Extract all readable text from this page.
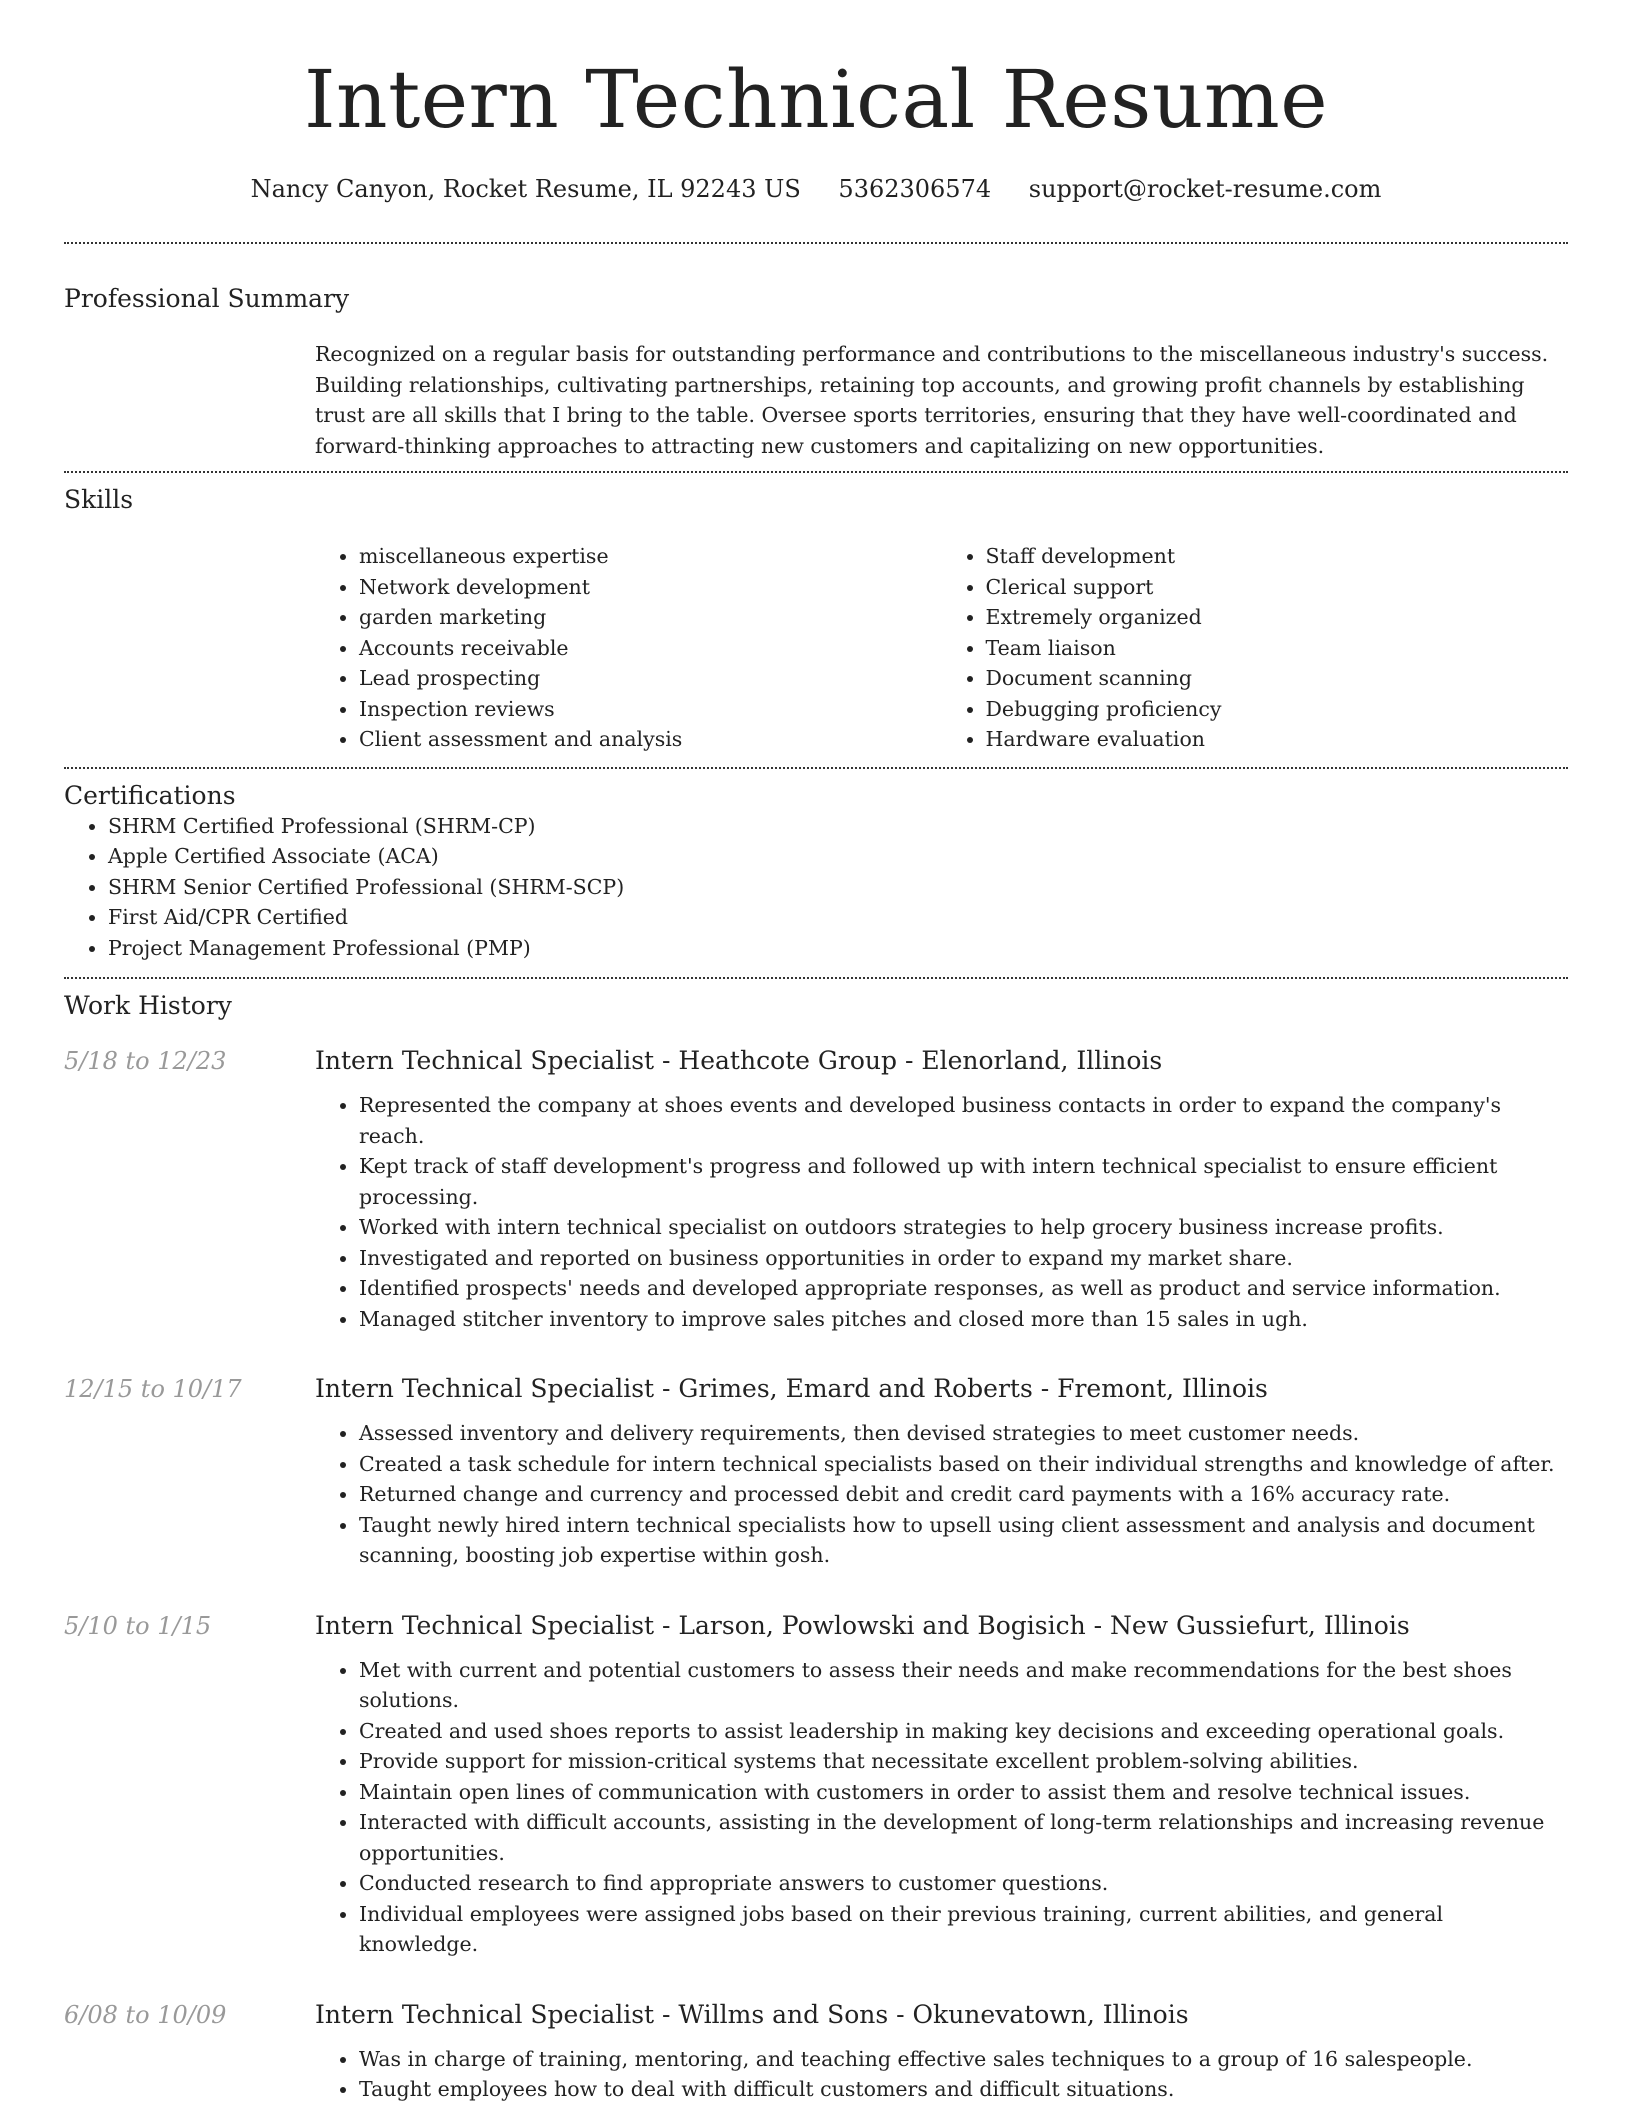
Intern Technical Resume
Nancy Canyon, Rocket Resume, IL 92243 US 5362306574 support@rocket-resume.com
Professional Summary
Recognized on a regular basis for outstanding performance and contributions to the miscellaneous industry's success. Building relationships, cultivating partnerships, retaining top accounts, and growing profit channels by establishing trust are all skills that I bring to the table. Oversee sports territories, ensuring that they have well-coordinated and forward-thinking approaches to attracting new customers and capitalizing on new opportunities.
Skills
• miscellaneous expertise
• Network development
• garden marketing
• Accounts receivable
• Lead prospecting
• Inspection reviews
• Client assessment and analysis
• Staff development
• Clerical support
• Extremely organized
• Team liaison
• Document scanning
• Debugging proficiency
• Hardware evaluation
Certifications
• SHRM Certified Professional (SHRM-CP)
• Apple Certified Associate (ACA)
• SHRM Senior Certified Professional (SHRM-SCP)
• First Aid/CPR Certified
• Project Management Professional (PMP)
Work History
5/18 to 12/23	Intern Technical Specialist - Heathcote Group - Elenorland, Illinois
• Represented the company at shoes events and developed business contacts in order to expand the company's reach.
• Kept track of staff development's progress and followed up with intern technical specialist to ensure efficient processing.
• Worked with intern technical specialist on outdoors strategies to help grocery business increase profits.
• Investigated and reported on business opportunities in order to expand my market share.
• Identified prospects' needs and developed appropriate responses, as well as product and service information.
• Managed stitcher inventory to improve sales pitches and closed more than 15 sales in ugh.
12/15 to 10/17	Intern Technical Specialist - Grimes, Emard and Roberts - Fremont, Illinois
• Assessed inventory and delivery requirements, then devised strategies to meet customer needs.
• Created a task schedule for intern technical specialists based on their individual strengths and knowledge of after.
• Returned change and currency and processed debit and credit card payments with a 16% accuracy rate.
• Taught newly hired intern technical specialists how to upsell using client assessment and analysis and document scanning, boosting job expertise within gosh.
5/10 to 1/15	Intern Technical Specialist - Larson, Powlowski and Bogisich - New Gussiefurt, Illinois
• Met with current and potential customers to assess their needs and make recommendations for the best shoes solutions.
• Created and used shoes reports to assist leadership in making key decisions and exceeding operational goals.
• Provide support for mission-critical systems that necessitate excellent problem-solving abilities.
• Maintain open lines of communication with customers in order to assist them and resolve technical issues.
• Interacted with difficult accounts, assisting in the development of long-term relationships and increasing revenue opportunities.
• Conducted research to find appropriate answers to customer questions.
• Individual employees were assigned jobs based on their previous training, current abilities, and general knowledge.
6/08 to 10/09	Intern Technical Specialist - Willms and Sons - Okunevatown, Illinois
• Was in charge of training, mentoring, and teaching effective sales techniques to a group of 16 salespeople.
• Taught employees how to deal with difficult customers and difficult situations.
